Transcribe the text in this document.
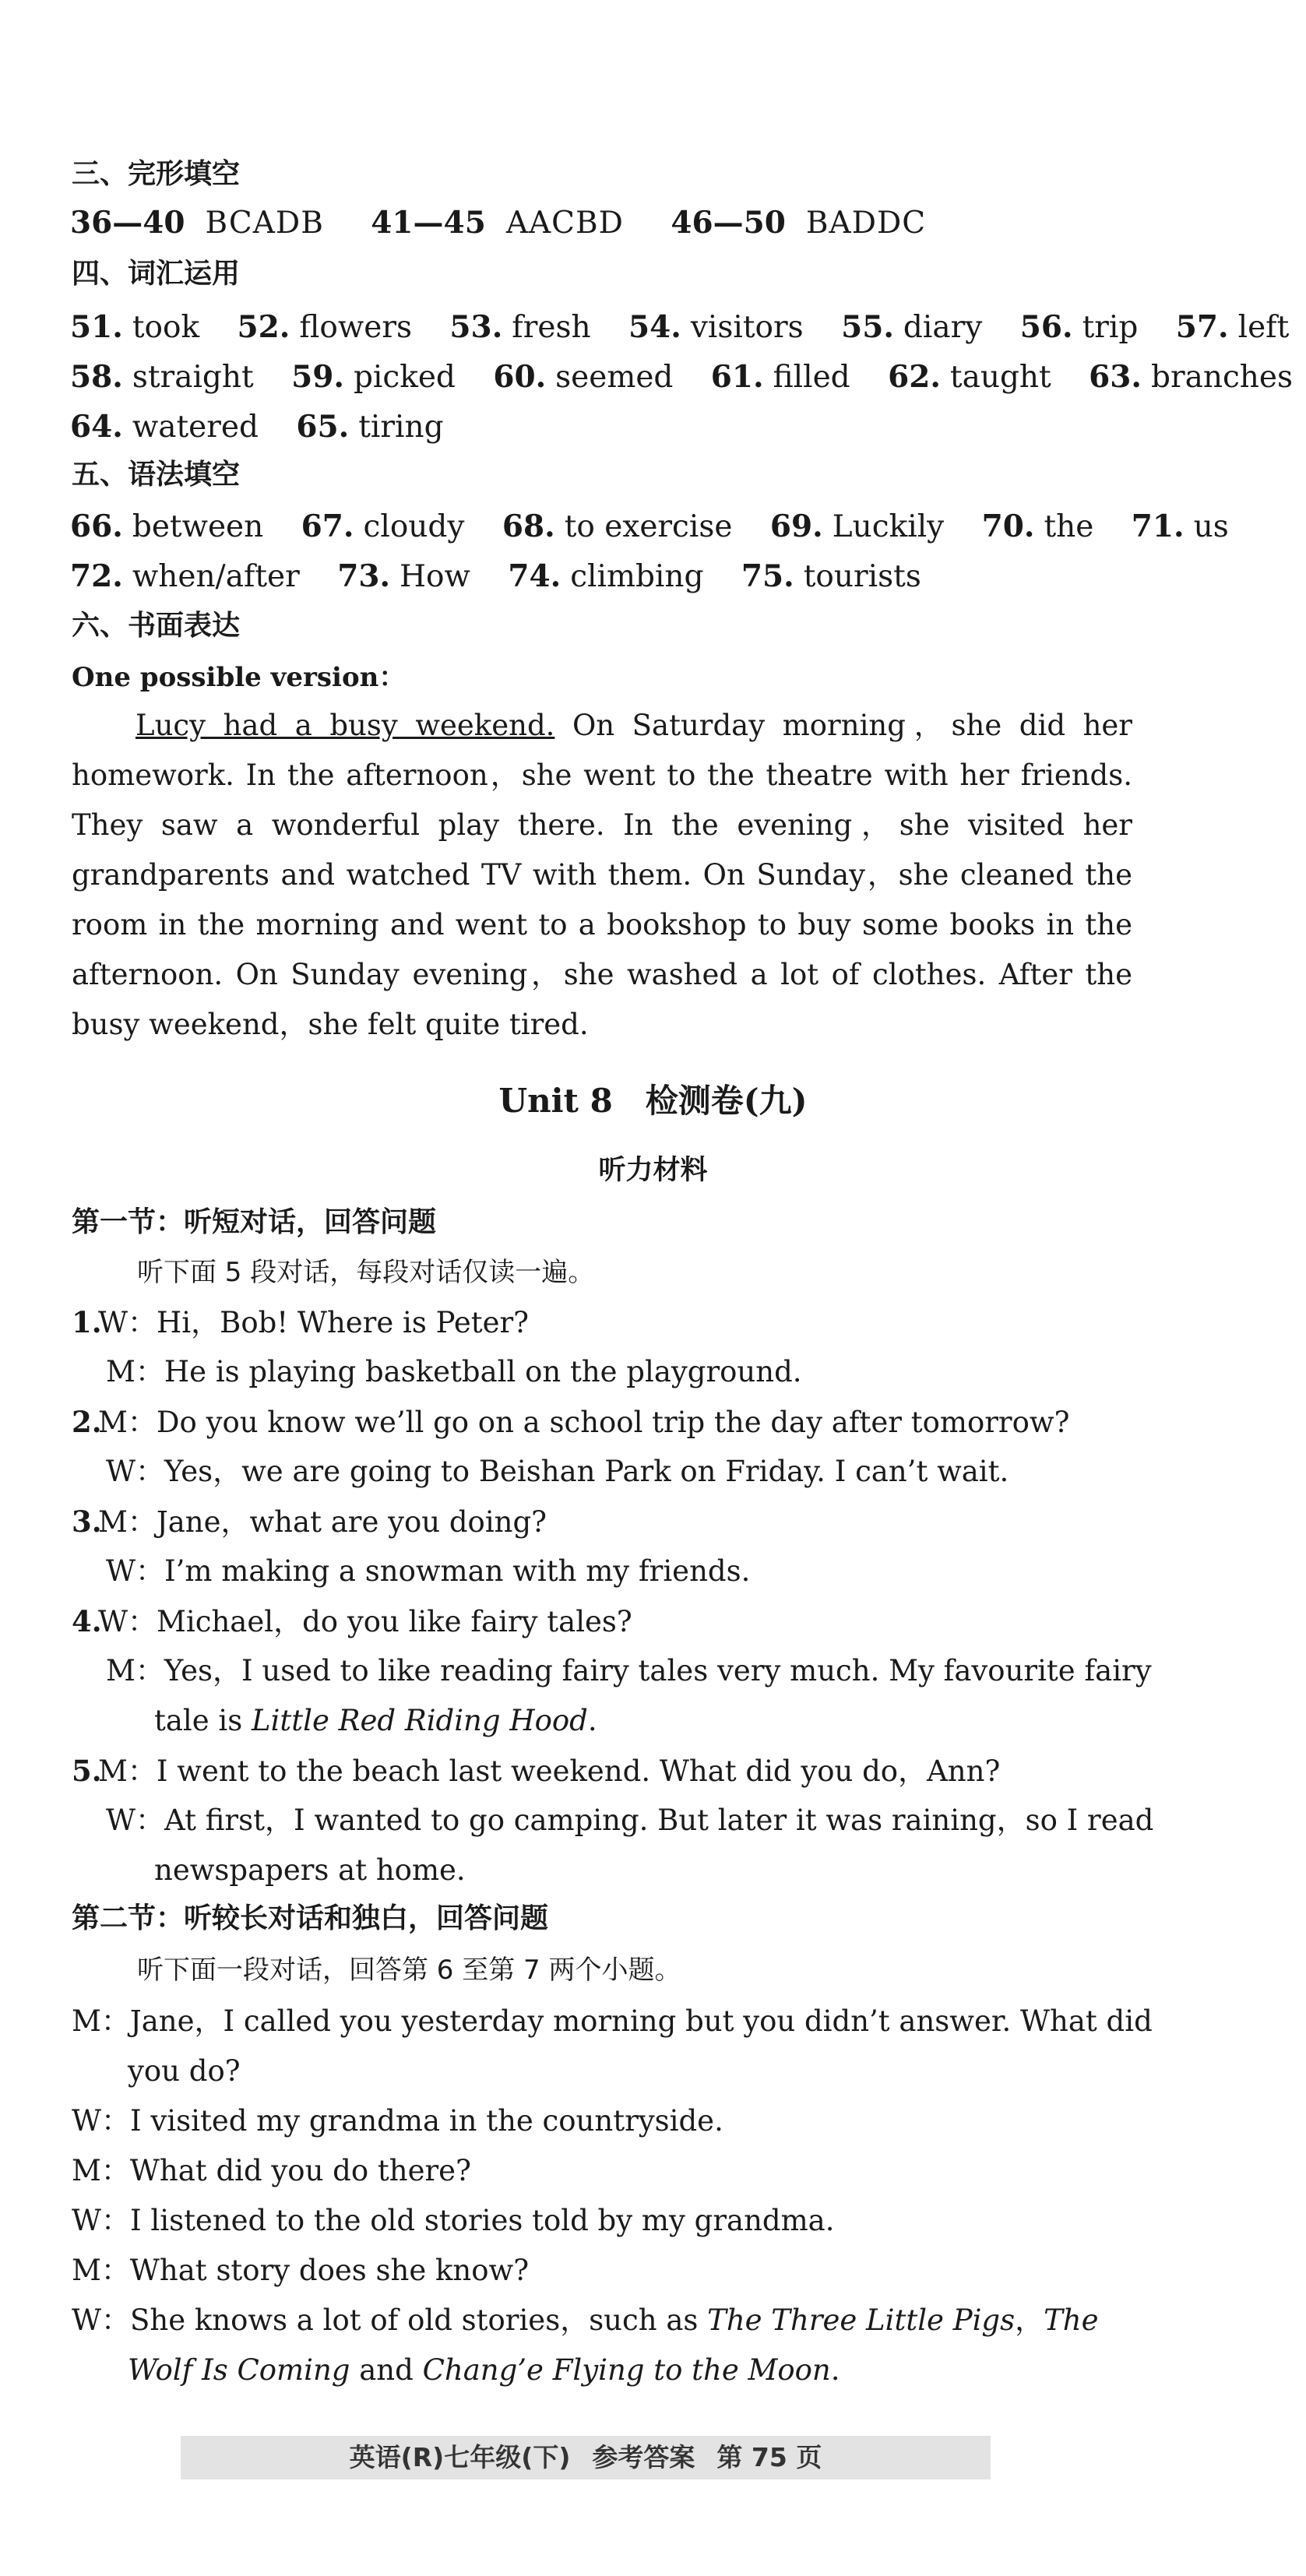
三、完形填空
36—40 BCADB 41—45 AACBD 46—50 BADDC
四、词汇运用
51. took 52. flowers 53. fresh 54. visitors 55. diary 56. trip 57. left
58. straight 59. picked 60. seemed 61. filled 62. taught 63. branches
64. watered 65. tiring
五、语法填空
66. between 67. cloudy 68. to exercise 69. Luckily 70. the 71. us
72. when/after 73. How 74. climbing 75. tourists
六、书面表达
One possible version：
Lucy had a busy weekend. On Saturday morning，she did her homework. In the afternoon，she went to the theatre with her friends. They saw a wonderful play there. In the evening，she visited her grandparents and watched TV with them. On Sunday，she cleaned the room in the morning and went to a bookshop to buy some books in the afternoon. On Sunday evening，she washed a lot of clothes. After the busy weekend，she felt quite tired.
Unit 8　检测卷(九)
听力材料
第一节：听短对话，回答问题
听下面 5 段对话，每段对话仅读一遍。
1.W：Hi，Bob! Where is Peter?
M：He is playing basketball on the playground.
2.M：Do you know we’ll go on a school trip the day after tomorrow?
W：Yes，we are going to Beishan Park on Friday. I can’t wait.
3.M：Jane，what are you doing?
W：I’m making a snowman with my friends.
4.W：Michael，do you like fairy tales?
M：Yes，I used to like reading fairy tales very much. My favourite fairy
tale is Little Red Riding Hood.
5.M：I went to the beach last weekend. What did you do，Ann?
W：At first，I wanted to go camping. But later it was raining，so I read
newspapers at home.
第二节：听较长对话和独白，回答问题
听下面一段对话，回答第 6 至第 7 两个小题。
M：Jane，I called you yesterday morning but you didn’t answer. What did
you do?
W：I visited my grandma in the countryside.
M：What did you do there?
W：I listened to the old stories told by my grandma.
M：What story does she know?
W：She knows a lot of old stories，such as The Three Little Pigs，The
Wolf Is Coming and Chang’e Flying to the Moon.
英语(R)七年级(下) 参考答案 第 75 页
